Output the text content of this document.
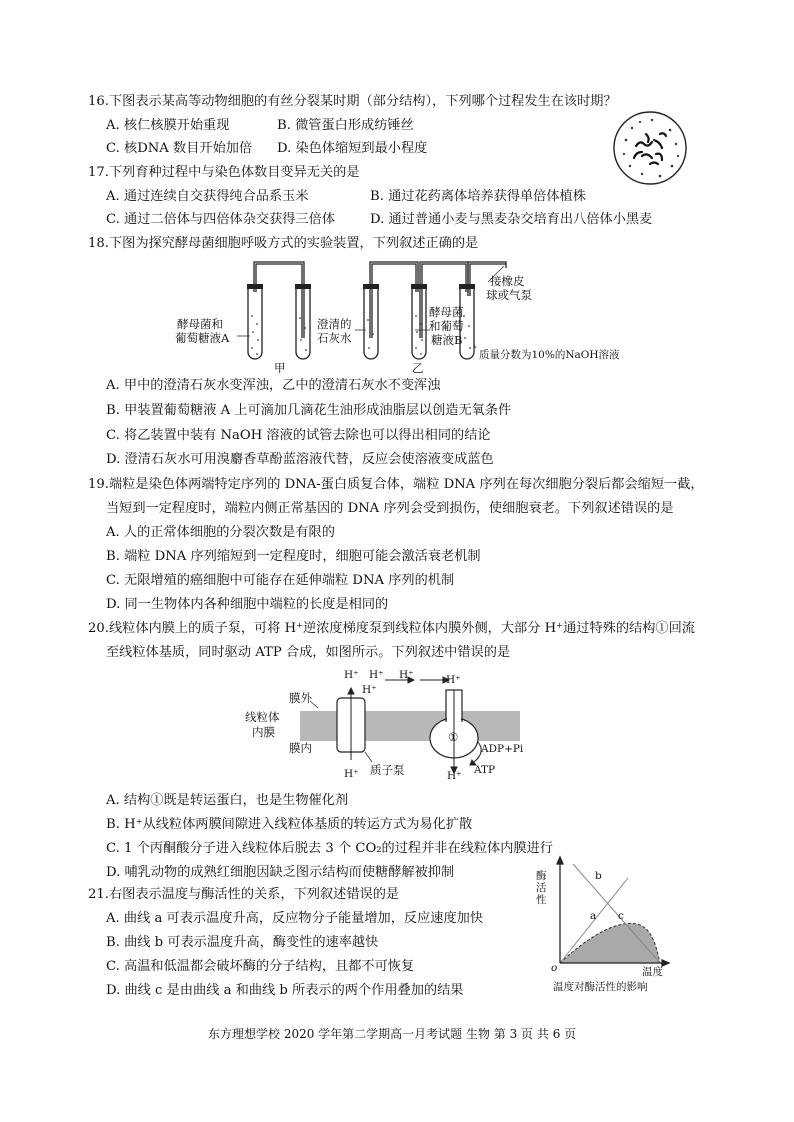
16.下图表示某高等动物细胞的有丝分裂某时期（部分结构），下列哪个过程发生在该时期？
A. 核仁核膜开始重现	B. 微管蛋白形成纺锤丝
C. 核DNA 数目开始加倍 D. 染色体缩短到最小程度
17.下列育种过程中与染色体数目变异无关的是
A. 通过连续自交获得纯合品系玉米	B. 通过花药离体培养获得单倍体植株
C. 通过二倍体与四倍体杂交获得三倍体	D. 通过普通小麦与黑麦杂交培育出八倍体小黑麦
18.下图为探究酵母菌细胞呼吸方式的实验装置，下列叙述正确的是
酵母菌和
葡萄糖液A
澄清的
石灰水
酵母菌
和葡萄
糖液B
接橡皮
球或气泵
质量分数为10%的NaOH溶液
甲	乙
A. 甲中的澄清石灰水变浑浊，乙中的澄清石灰水不变浑浊
B. 甲装置葡萄糖液 A 上可滴加几滴花生油形成油脂层以创造无氧条件
C. 将乙装置中装有 NaOH 溶液的试管去除也可以得出相同的结论
D. 澄清石灰水可用溴麝香草酚蓝溶液代替，反应会使溶液变成蓝色
19.端粒是染色体两端特定序列的 DNA-蛋白质复合体，端粒 DNA 序列在每次细胞分裂后都会缩短一截，
当短到一定程度时，端粒内侧正常基因的 DNA 序列会受到损伤，使细胞衰老。下列叙述错误的是
A. 人的正常体细胞的分裂次数是有限的
B. 端粒 DNA 序列缩短到一定程度时，细胞可能会激活衰老机制
C. 无限增殖的癌细胞中可能存在延伸端粒 DNA 序列的机制
D. 同一生物体内各种细胞中端粒的长度是相同的
20.线粒体内膜上的质子泵，可将 H⁺逆浓度梯度泵到线粒体内膜外侧，大部分 H⁺通过特殊的结构①回流
至线粒体基质，同时驱动 ATP 合成，如图所示。下列叙述中错误的是
膜外
线粒体
内膜
膜内
质子泵
H⁺
H⁺
H⁺ H⁺	H⁺
H⁺	H⁺
①
ADP+Pi
ATP
A. 结构①既是转运蛋白，也是生物催化剂
B. H⁺从线粒体两膜间隙进入线粒体基质的转运方式为易化扩散
C. 1 个丙酮酸分子进入线粒体后脱去 3 个 CO₂的过程并非在线粒体内膜进行
D. 哺乳动物的成熟红细胞因缺乏图示结构而使糖酵解被抑制
21.右图表示温度与酶活性的关系，下列叙述错误的是
A. 曲线 a 可表示温度升高，反应物分子能量增加，反应速度加快
B. 曲线 b 可表示温度升高，酶变性的速率越快
C. 高温和低温都会破坏酶的分子结构，且都不可恢复
D. 曲线 c 是由曲线 a 和曲线 b 所表示的两个作用叠加的结果
酶活性
温度
o
a
b
c
温度对酶活性的影响
东方理想学校 2020 学年第二学期高一月考试题 生物 第 3 页 共 6 页
